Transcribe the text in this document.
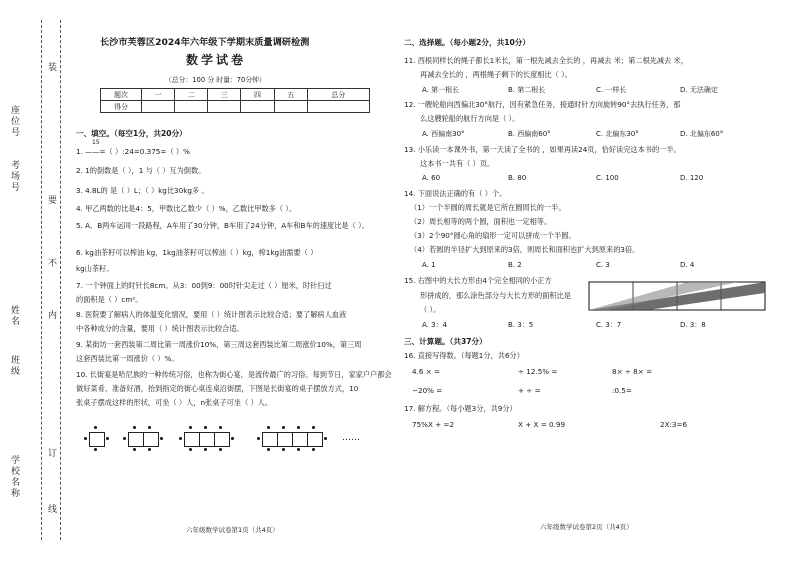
装
订
线
内
不
要
座位号
考场号
姓名
班级
学校名称
长沙市芙蓉区2024年六年级下学期末质量调研检测
数学试卷
（总分：100 分 时量：70分钟）
题次	一	二	三	四	五	总分
得分						
一、填空。（每空1分，共20分）
15
1. ——=（ ）:24=0.375=（ ）%
2. 1的倒数是（ ），1 与（ ）互为倒数。
3. 4.8L的 是（ ）L；（ ）kg比30kg多 。
4. 甲乙两数的比是4：5，甲数比乙数少（ ）%，乙数比甲数多（ ）。
5. A、B两车运同一段路程，A车用了30分钟，B车用了24分钟，A车和B车的速度比是（ ）。
6. kg油茶籽可以榨油 kg，1kg油茶籽可以榨油（ ）kg，榨1kg油需要（ ）
kg山茶籽。
7. 一个钟面上的时针长8cm。从3：00到9：00时针尖走过（ ）厘米，时针扫过
的面积是（ ）cm²。
8. 医院要了解病人的体温变化情况，要用（ ）统计图表示比较合适；要了解病人血液
中各种成分的含量，要用（ ）统计图表示比较合适。
9. 某街坊一套西装第二周比第一周涨价10%，第三周这套西装比第二周涨价10%，第三周
这套西装比第一周涨价（ ）%。
10. 长街宴是哈尼族的一种传统习俗，也称为街心宴，是流传最广的习俗。每到节日，家家户户都会
做好菜肴、准备好酒，抬到指定的街心桌连桌沿街摆，下图是长街宴的桌子摆放方式，10
张桌子摆成这样的形状，可坐（ ）人，n张桌子可坐（ ）人。
……
六年级数学试卷第1页（共4页）
二、选择题。（每小题2分，共10分）
11. 西根同样长的绳子都长1米长，第一根先减去全长的 ，再减去 米；第二根先减去 米，
再减去全长的 ，两根绳子剩下的长度相比（ ）。
A. 第一根长	B. 第二根长	C. 一样长	D. 无法确定
12. 一艘轮船向西偏北30°航行，因有紧急任务，接通时针方向旋转90°去执行任务，那
么这艘轮船的航行方向是（ ）。
A. 西偏南30°	B. 西偏南60°	C. 北偏东30°	D. 北偏东60°
13. 小乐读一本课外书，第一天读了全书的 ，如果再读24页，恰好读完这本书的一半。
这本书一共有（ ）页。
A. 60	B. 80	C. 100	D. 120
14. 下面说法正确的有（ ）个。
（1）一个半圆的周长就是它所在圆周长的一半。
（2）周长相等的两个圆，面积也一定相等。
（3）2个90°圆心角的扇形一定可以拼成一个半圆。
（4）若圆的半径扩大到原来的3倍，则周长和面积也扩大到原来的3倍。
A. 1	B. 2	C. 3	D. 4
15. 右图中的大长方形由4个完全相同的小正方
形拼成的，那么涂色部分与大长方形的面积比是
（ ）。
A. 3：4	B. 3：5	C. 3：7	D. 3：8
三、计算题。（共37分）
16. 直接写得数。（每题1分，共6分）
4.6 × =	÷ 12.5% =	8× ÷ 8× =
−20% =	+ ÷ =	:0.5=
17. 解方程。（每小题3分，共9分）
75%X + =2	X + X = 0.99	2X:3=6
六年级数学试卷第2页（共4页）
